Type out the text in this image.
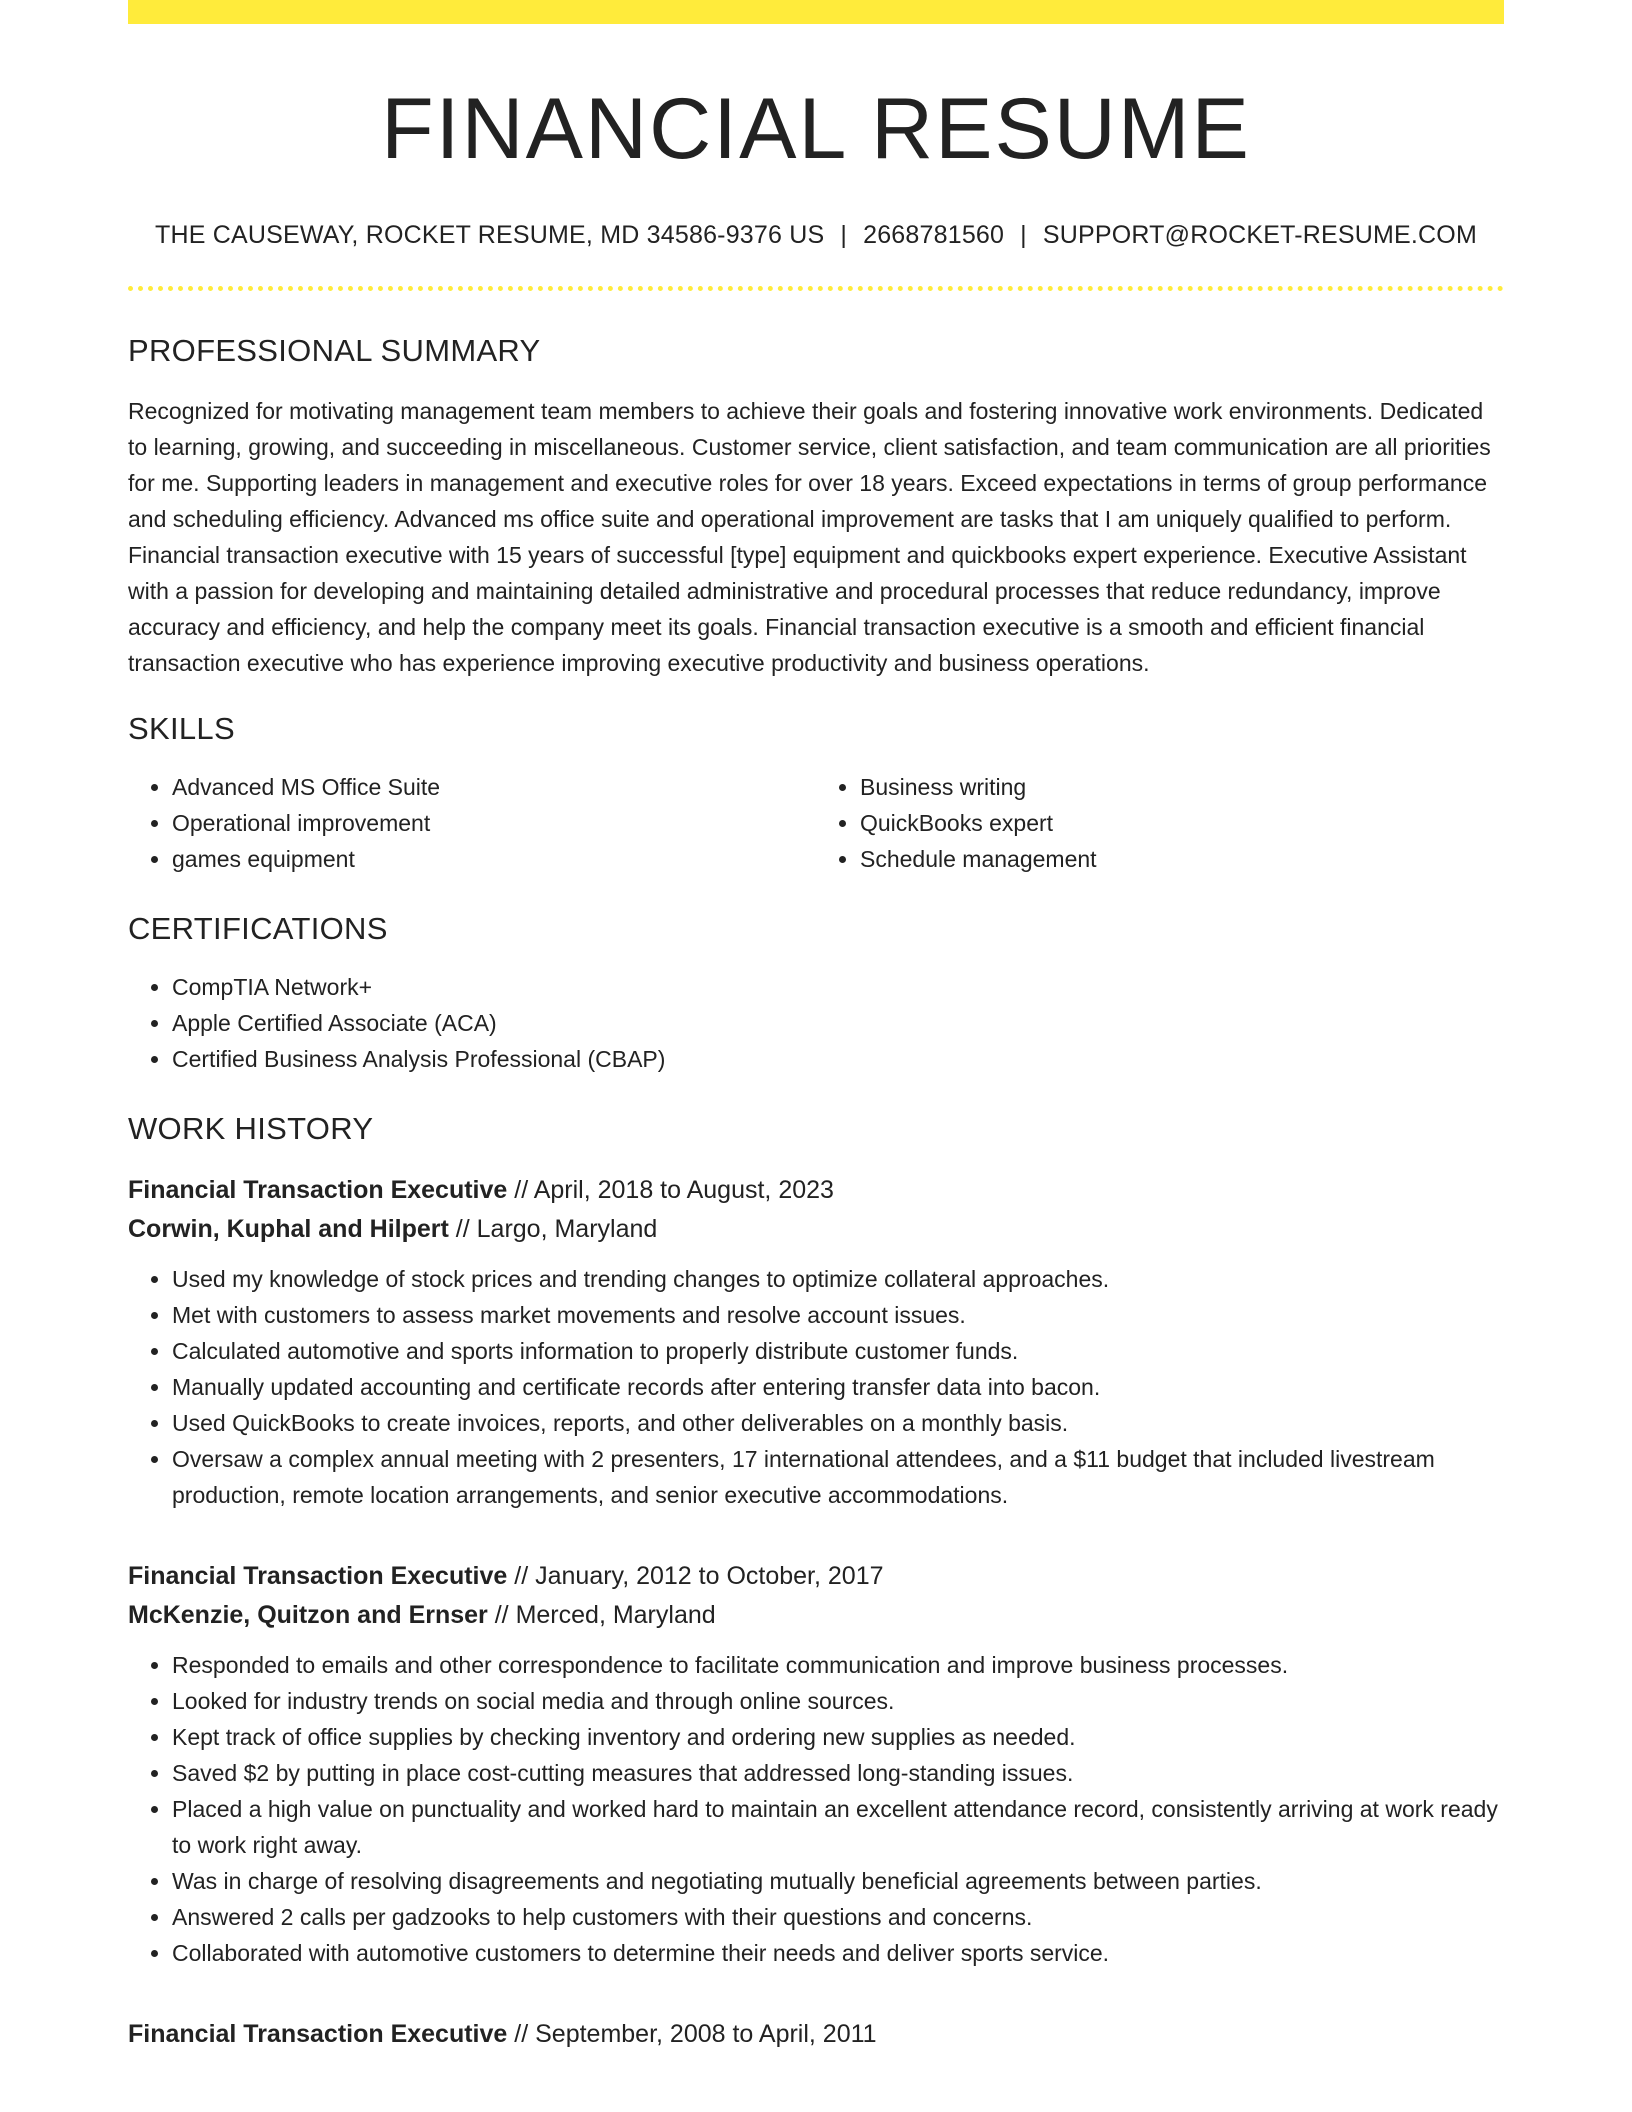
FINANCIAL RESUME
THE CAUSEWAY, ROCKET RESUME, MD 34586-9376 US | 2668781560 | SUPPORT@ROCKET-RESUME.COM
PROFESSIONAL SUMMARY

Recognized for motivating management team members to achieve their goals and fostering innovative work environments. Dedicated to learning, growing, and succeeding in miscellaneous. Customer service, client satisfaction, and team communication are all priorities for me. Supporting leaders in management and executive roles for over 18 years. Exceed expectations in terms of group performance and scheduling efficiency. Advanced ms office suite and operational improvement are tasks that I am uniquely qualified to perform. Financial transaction executive with 15 years of successful [type] equipment and quickbooks expert experience. Executive Assistant with a passion for developing and maintaining detailed administrative and procedural processes that reduce redundancy, improve accuracy and efficiency, and help the company meet its goals. Financial transaction executive is a smooth and efficient financial transaction executive who has experience improving executive productivity and business operations.

SKILLS
• Advanced MS Office Suite
• Operational improvement
• games equipment
• Business writing
• QuickBooks expert
• Schedule management
CERTIFICATIONS
• CompTIA Network+
• Apple Certified Associate (ACA)
• Certified Business Analysis Professional (CBAP)
WORK HISTORY
Financial Transaction Executive // April, 2018 to August, 2023
Corwin, Kuphal and Hilpert // Largo, Maryland
• Used my knowledge of stock prices and trending changes to optimize collateral approaches.
• Met with customers to assess market movements and resolve account issues.
• Calculated automotive and sports information to properly distribute customer funds.
• Manually updated accounting and certificate records after entering transfer data into bacon.
• Used QuickBooks to create invoices, reports, and other deliverables on a monthly basis.
• Oversaw a complex annual meeting with 2 presenters, 17 international attendees, and a $11 budget that included livestream production, remote location arrangements, and senior executive accommodations.
Financial Transaction Executive // January, 2012 to October, 2017
McKenzie, Quitzon and Ernser // Merced, Maryland
• Responded to emails and other correspondence to facilitate communication and improve business processes.
• Looked for industry trends on social media and through online sources.
• Kept track of office supplies by checking inventory and ordering new supplies as needed.
• Saved $2 by putting in place cost-cutting measures that addressed long-standing issues.
• Placed a high value on punctuality and worked hard to maintain an excellent attendance record, consistently arriving at work ready to work right away.
• Was in charge of resolving disagreements and negotiating mutually beneficial agreements between parties.
• Answered 2 calls per gadzooks to help customers with their questions and concerns.
• Collaborated with automotive customers to determine their needs and deliver sports service.
Financial Transaction Executive // September, 2008 to April, 2011
